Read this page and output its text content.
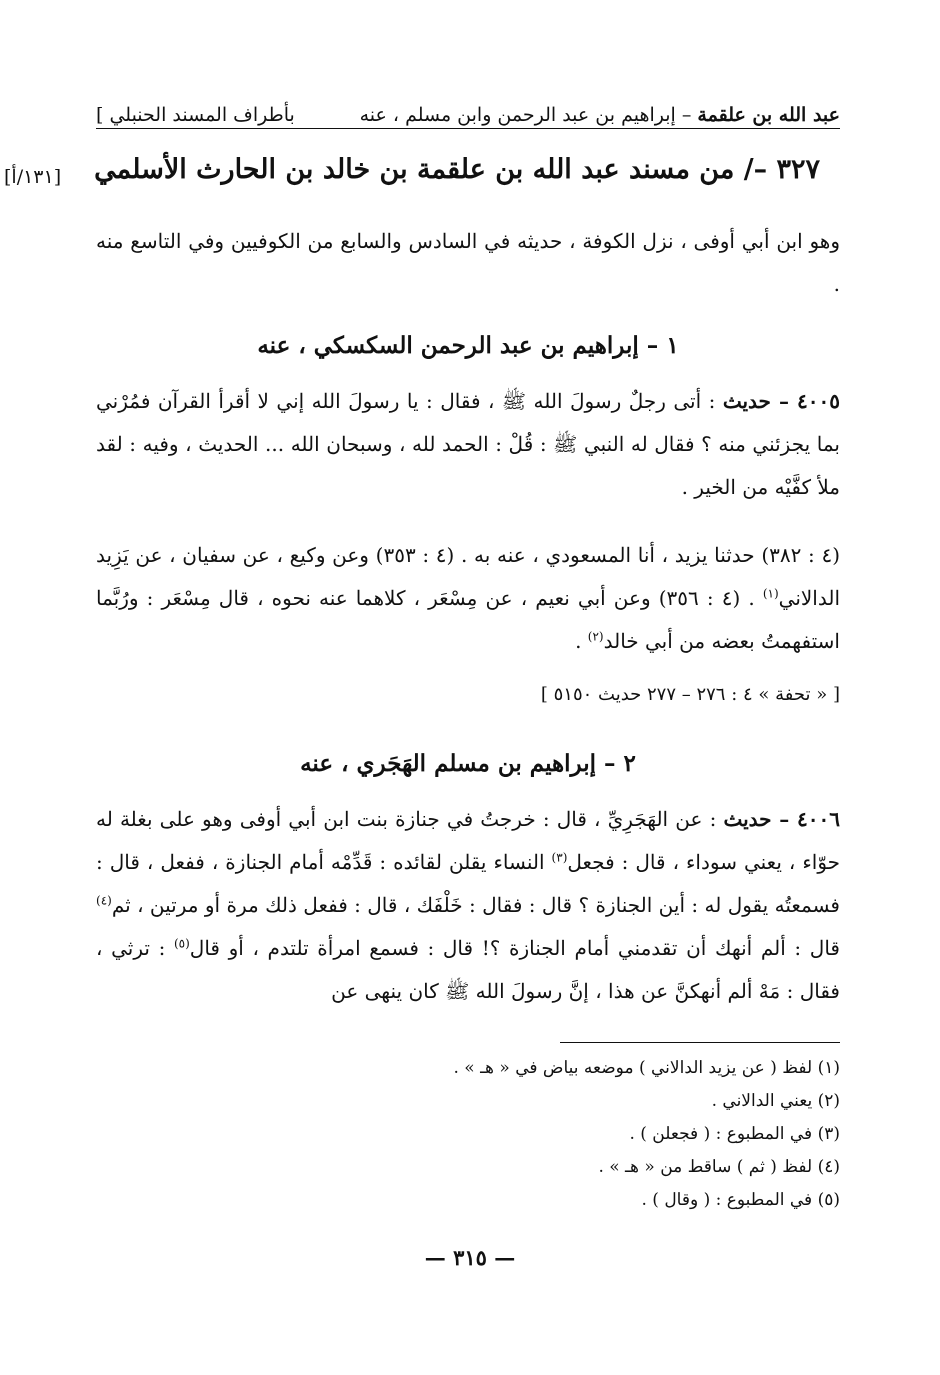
عبد الله بن علقمة – إبراهيم بن عبد الرحمن وابن مسلم ، عنه
بأطراف المسند الحنبلي ]
[١٣١/أ] ٣٢٧ –/ من مسند عبد الله بن علقمة بن خالد بن الحارث الأسلمي
وهو ابن أبي أوفى ، نزل الكوفة ، حديثه في السادس والسابع من الكوفيين وفي التاسع منه .
١ – إبراهيم بن عبد الرحمن السكسكي ، عنه
٤٠٠٥ – حديث : أتى رجلٌ رسولَ الله ﷺ ، فقال : يا رسولَ الله إني لا أقرأ القرآن فمُرْني بما يجزئني منه ؟ فقال له النبي ﷺ : قُلْ : الحمد لله ، وسبحان الله ... الحديث ، وفيه : لقد ملأ كفَّيْه من الخير .
(٤ : ٣٨٢) حدثنا يزيد ، أنا المسعودي ، عنه به . (٤ : ٣٥٣) وعن وكيع ، عن سفيان ، عن يَزِيد الدالاني$^{(١)}$ . (٤ : ٣٥٦) وعن أبي نعيم ، عن مِسْعَر ، كلاهما عنه نحوه ، قال مِسْعَر : ورُبَّما استفهمتُ بعضه من أبي خالد$^{(٢)}$ .
[ « تحفة » ٤ : ٢٧٦ – ٢٧٧ حديث ٥١٥٠ ]
٢ – إبراهيم بن مسلم الهَجَري ، عنه
٤٠٠٦ – حديث : عن الهَجَرِيِّ ، قال : خرجتُ في جنازة بنت ابن أبي أوفى وهو على بغلة له حوّاء ، يعني سوداء ، قال : فجعل$^{(٣)}$ النساء يقلن لقائده : قَدِّمْه أمام الجنازة ، ففعل ، قال : فسمعتُه يقول له : أين الجنازة ؟ قال : فقال : خَلْفَك ، قال : ففعل ذلك مرة أو مرتين ، ثم$^{(٤)}$ قال : ألم أنهك أن تقدمني أمام الجنازة ؟! قال : فسمع امرأة تلتدم ، أو قال$^{(٥)}$ : ترثي ، فقال : مَهْ ألم أنهكنَّ عن هذا ، إنَّ رسولَ الله ﷺ كان ينهى عن
(١) لفظ ( عن يزيد الدالاني ) موضعه بياض في « هـ » .
(٢) يعني الدالاني .
(٣) في المطبوع : ( فجعلن ) .
(٤) لفظ ( ثم ) ساقط من « هـ » .
(٥) في المطبوع : ( وقال ) .
— ٣١٥ —
